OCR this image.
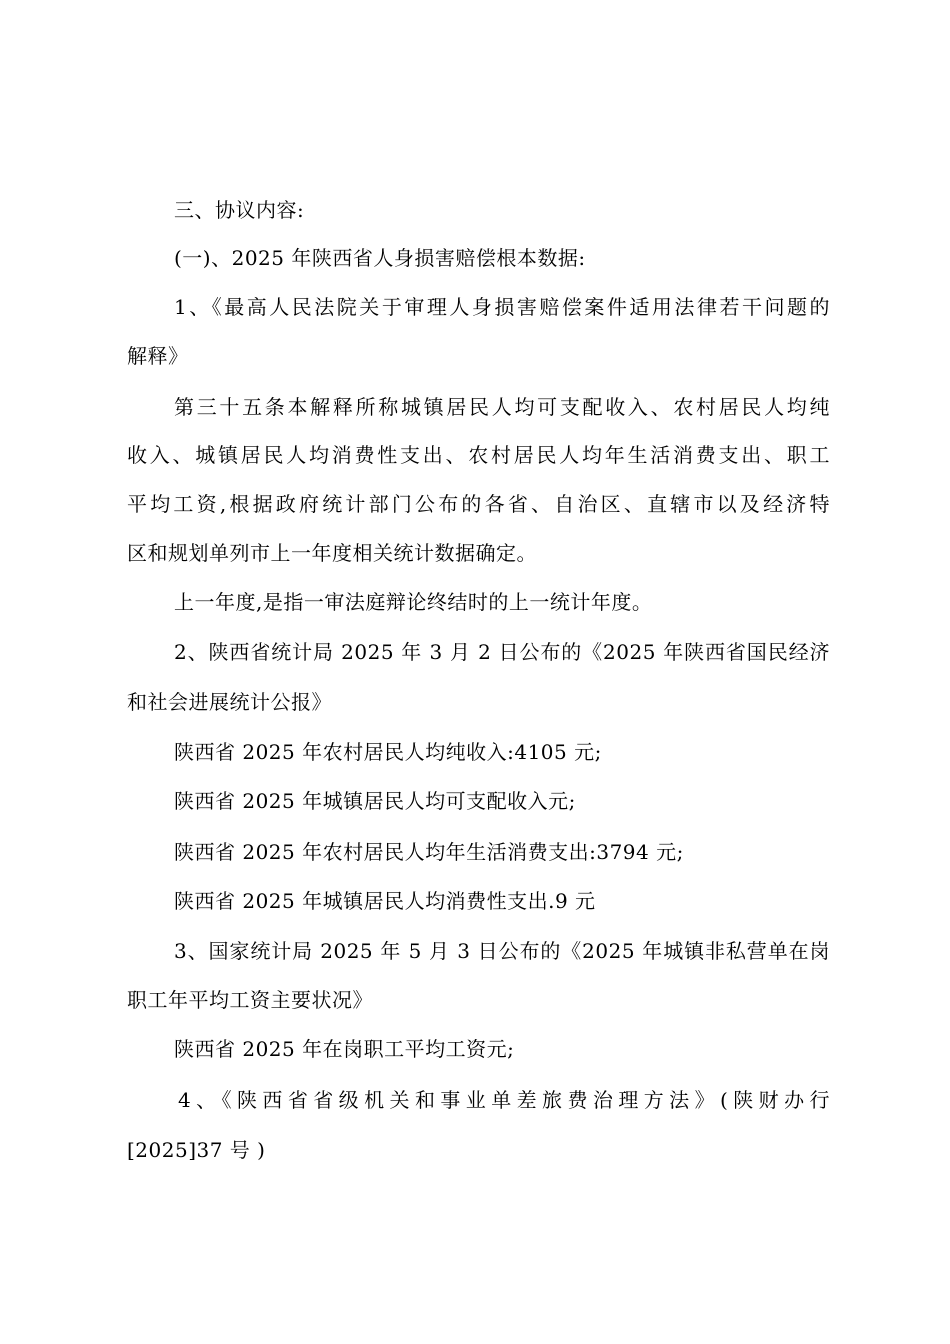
三、协议内容:
(一)、2025 年陕西省人身损害赔偿根本数据:
1、《最高人民法院关于审理人身损害赔偿案件适用法律若干问题的
解释》
第三十五条本解释所称城镇居民人均可支配收入、农村居民人均纯
收入、城镇居民人均消费性支出、农村居民人均年生活消费支出、职工
平均工资,根据政府统计部门公布的各省、自治区、直辖市以及经济特
区和规划单列市上一年度相关统计数据确定。
上一年度,是指一审法庭辩论终结时的上一统计年度。
2、陕西省统计局 2025 年 3 月 2 日公布的《2025 年陕西省国民经济
和社会进展统计公报》
陕西省 2025 年农村居民人均纯收入:4105 元;
陕西省 2025 年城镇居民人均可支配收入元;
陕西省 2025 年农村居民人均年生活消费支出:3794 元;
陕西省 2025 年城镇居民人均消费性支出.9 元
3、国家统计局 2025 年 5 月 3 日公布的《2025 年城镇非私营单在岗
职工年平均工资主要状况》
陕西省 2025 年在岗职工平均工资元;
4、《陕西省省级机关和事业单差旅费治理方法》(陕财办行
[2025]37 号 )
